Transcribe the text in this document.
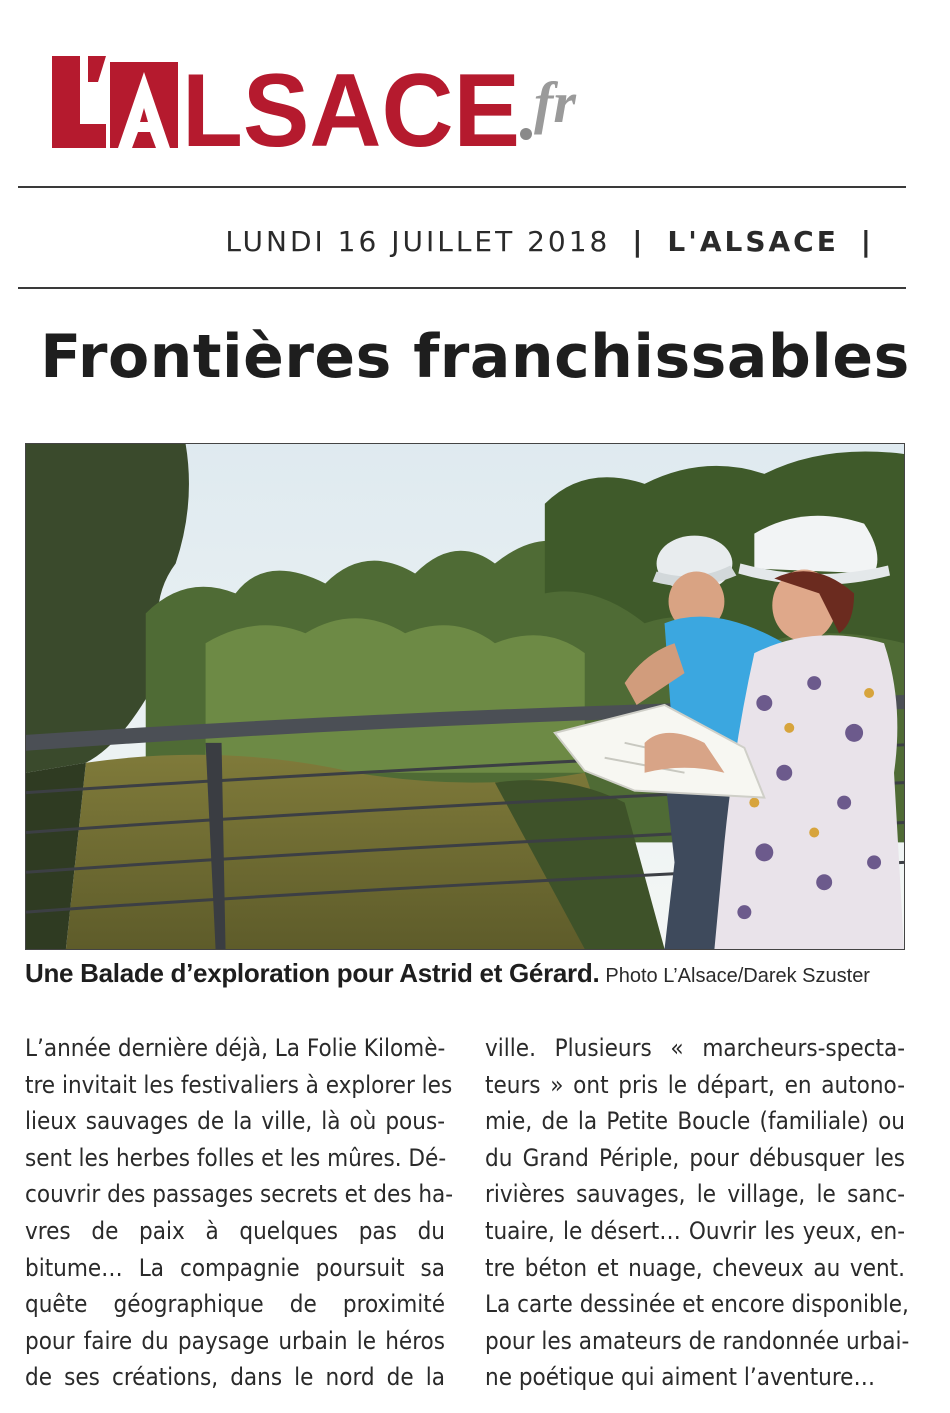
LSACE fr
LUNDI 16 JUILLET 2018 | L'ALSACE |
Frontières franchissables
Une Balade d’exploration pour Astrid et Gérard. Photo L’Alsace/Darek Szuster
L’année dernière déjà, La Folie Kilomè-
tre invitait les festivaliers à explorer les
lieux sauvages de la ville, là où pous-
sent les herbes folles et les mûres. Dé-
couvrir des passages secrets et des ha-
vres de paix à quelques pas du
bitume… La compagnie poursuit sa
quête géographique de proximité
pour faire du paysage urbain le héros
de ses créations, dans le nord de la
ville. Plusieurs « marcheurs-specta-
teurs » ont pris le départ, en autono-
mie, de la Petite Boucle (familiale) ou
du Grand Périple, pour débusquer les
rivières sauvages, le village, le sanc-
tuaire, le désert… Ouvrir les yeux, en-
tre béton et nuage, cheveux au vent.
La carte dessinée et encore disponible,
pour les amateurs de randonnée urbai-
ne poétique qui aiment l’aventure…
